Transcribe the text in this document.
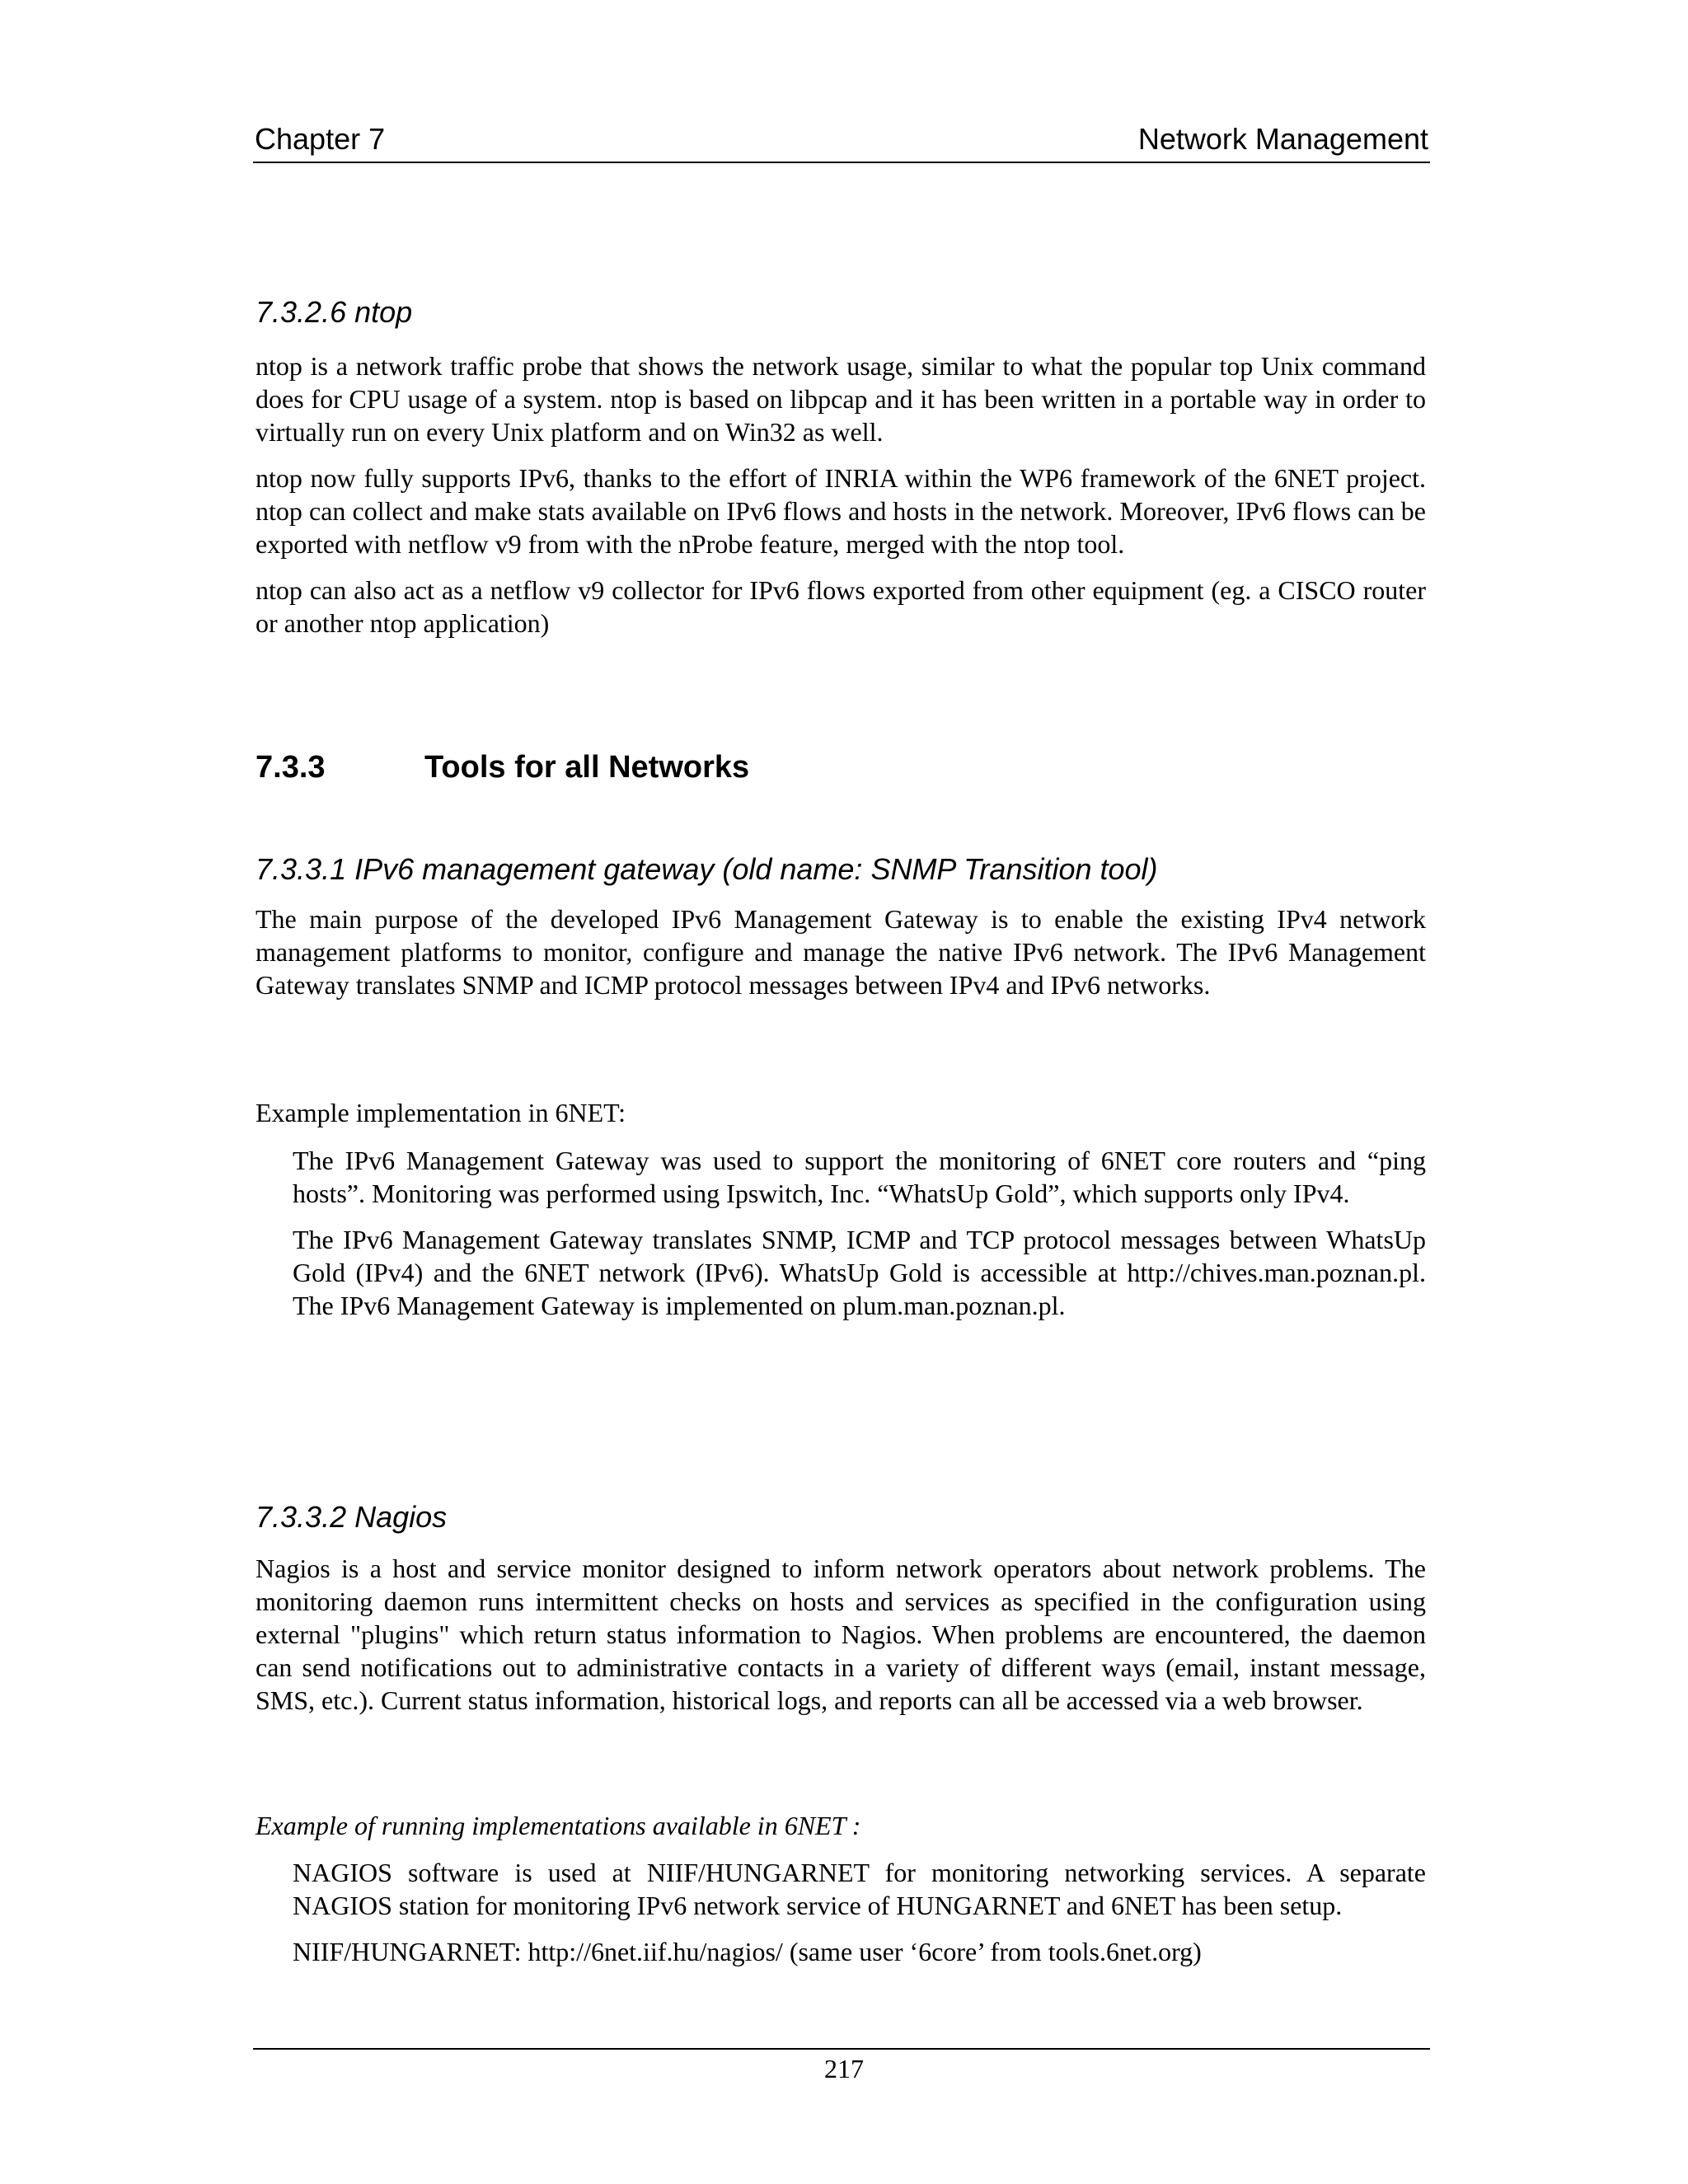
Chapter 7	Network Management
7.3.2.6 ntop

ntop is a network traffic probe that shows the network usage, similar to what the popular top Unix command does for CPU usage of a system. ntop is based on libpcap and it has been written in a portable way in order to virtually run on every Unix platform and on Win32 as well.

ntop now fully supports IPv6, thanks to the effort of INRIA within the WP6 framework of the 6NET project. ntop can collect and make stats available on IPv6 flows and hosts in the network. Moreover, IPv6 flows can be exported with netflow v9 from with the nProbe feature, merged with the ntop tool.

ntop can also act as a netflow v9 collector for IPv6 flows exported from other equipment (eg. a CISCO router or another ntop application)

7.3.3	Tools for all Networks
7.3.3.1 IPv6 management gateway (old name: SNMP Transition tool)

The main purpose of the developed IPv6 Management Gateway is to enable the existing IPv4 network management platforms to monitor, configure and manage the native IPv6 network. The IPv6 Management Gateway translates SNMP and ICMP protocol messages between IPv4 and IPv6 networks.

Example implementation in 6NET:

The IPv6 Management Gateway was used to support the monitoring of 6NET core routers and “ping hosts”. Monitoring was performed using Ipswitch, Inc. “WhatsUp Gold”, which supports only IPv4.

The IPv6 Management Gateway translates SNMP, ICMP and TCP protocol messages between WhatsUp Gold (IPv4) and the 6NET network (IPv6). WhatsUp Gold is accessible at http://chives.man.poznan.pl. The IPv6 Management Gateway is implemented on plum.man.poznan.pl.

7.3.3.2 Nagios

Nagios is a host and service monitor designed to inform network operators about network problems. The monitoring daemon runs intermittent checks on hosts and services as specified in the configuration using external "plugins" which return status information to Nagios. When problems are encountered, the daemon can send notifications out to administrative contacts in a variety of different ways (email, instant message, SMS, etc.). Current status information, historical logs, and reports can all be accessed via a web browser.

Example of running implementations available in 6NET :

NAGIOS software is used at NIIF/HUNGARNET for monitoring networking services. A separate NAGIOS station for monitoring IPv6 network service of HUNGARNET and 6NET has been setup.

NIIF/HUNGARNET: http://6net.iif.hu/nagios/ (same user ‘6core’ from tools.6net.org)

217
